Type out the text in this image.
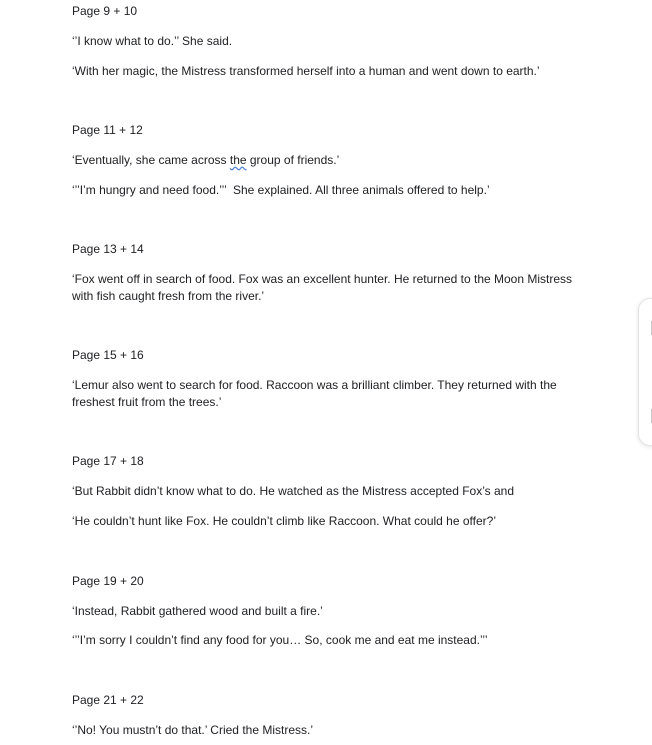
Page 9 + 10

‘’I know what to do.’’ She said.

‘With her magic, the Mistress transformed herself into a human and went down to earth.’

Page 11 + 12

‘Eventually, she came across the group of friends.’

‘’’I’m hungry and need food.’’’  She explained. All three animals offered to help.’

Page 13 + 14

‘Fox went off in search of food. Fox was an excellent hunter. He returned to the Moon Mistress with fish caught fresh from the river.’

Page 15 + 16

‘Lemur also went to search for food. Raccoon was a brilliant climber. They returned with the freshest fruit from the trees.’

Page 17 + 18

‘But Rabbit didn’t know what to do. He watched as the Mistress accepted Fox’s and

‘He couldn’t hunt like Fox. He couldn’t climb like Raccoon. What could he offer?’

Page 19 + 20

‘Instead, Rabbit gathered wood and built a fire.’

‘’’I’m sorry I couldn’t find any food for you… So, cook me and eat me instead.’’’

Page 21 + 22

‘’No! You mustn’t do that.’ Cried the Mistress.’
